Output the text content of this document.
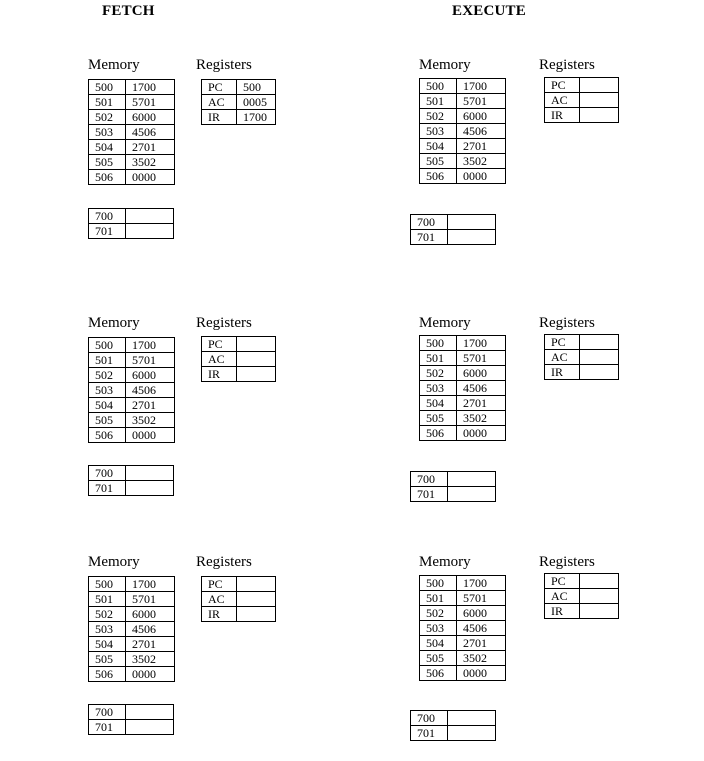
FETCH	EXECUTE
Memory	Registers
500	1700
501	5701
502	6000
503	4506
504	2701
505	3502
506	0000
PC	500
AC	0005
IR	1700
700	
701	
Memory	Registers
500	1700
501	5701
502	6000
503	4506
504	2701
505	3502
506	0000
PC	
AC	
IR	
700	
701	
Memory	Registers
500	1700
501	5701
502	6000
503	4506
504	2701
505	3502
506	0000
PC	
AC	
IR	
700	
701	
Memory	Registers
500	1700
501	5701
502	6000
503	4506
504	2701
505	3502
506	0000
PC	
AC	
IR	
700	
701	
Memory	Registers
500	1700
501	5701
502	6000
503	4506
504	2701
505	3502
506	0000
PC	
AC	
IR	
700	
701	
Memory	Registers
500	1700
501	5701
502	6000
503	4506
504	2701
505	3502
506	0000
PC	
AC	
IR	
700	
701	
